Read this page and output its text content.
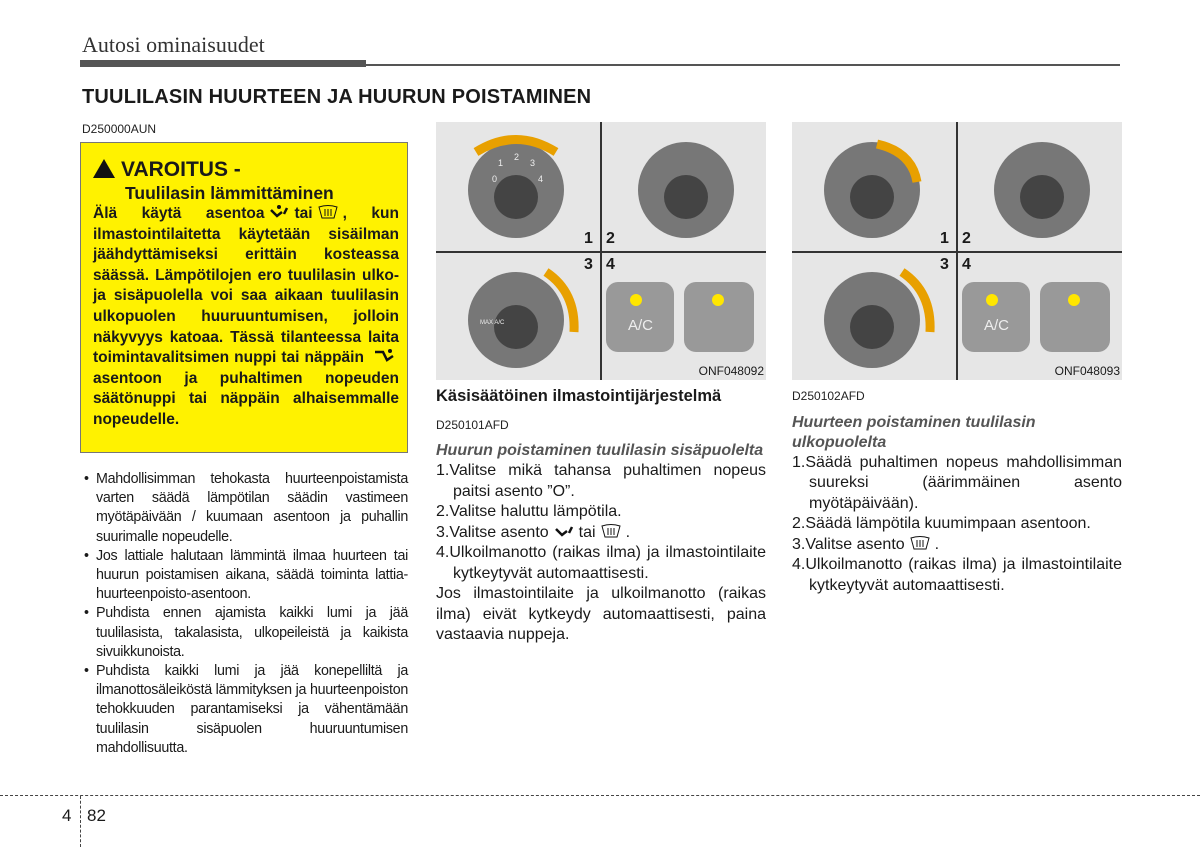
Autosi ominaisuudet
TUULILASIN HUURTEEN JA HUURUN POISTAMINEN
D250000AUN
VAROITUS -
Tuulilasin lämmittäminen
Älä käytä asentoa tai , kun ilmastointilaitetta käytetään sisäilman jäähdyttämiseksi erittäin kosteassa säässä. Lämpötilojen ero tuulilasin ulko- ja sisäpuolella voi saa aikaan tuulilasin ulkopuolen huuruuntumisen, jolloin näkyvyys katoaa. Tässä tilanteessa laita toimintavalitsimen nuppi tai näppäin asentoon ja puhaltimen nopeuden säätönuppi tai näppäin alhaisemmalle nopeudelle.
• Mahdollisimman tehokasta huurteenpoistamista varten säädä lämpötilan säädin vastimeen myötäpäivään / kuumaan asentoon ja puhallin suurimalle nopeudelle.
• Jos lattiale halutaan lämmintä ilmaa huurteen tai huurun poistamisen aikana, säädä toiminta lattia-huurteenpoisto-asentoon.
• Puhdista ennen ajamista kaikki lumi ja jää tuulilasista, takalasista, ulkopeileistä ja kaikista sivuikkunoista.
• Puhdista kaikki lumi ja jää konepelliltä ja ilmanottosäleiköstä lämmityksen ja huurteenpoiston tehokkuuden parantamiseksi ja vähentämään tuulilasin sisäpuolen huuruuntumisen mahdollisuutta.
1 2
3 4
A/C
MAX A/C
0
1
2
3
4
ONF048092
1 2
3 4
A/C
ONF048093
Käsisäätöinen ilmastointijärjestelmä
D250101AFD
Huurun poistaminen tuulilasin sisäpuolelta
1.Valitse mikä tahansa puhaltimen nopeus paitsi asento ”O”.
2.Valitse haluttu lämpötila.
3.Valitse asento tai .
4.Ulkoilmanotto (raikas ilma) ja ilmastointilaite kytkeytyvät automaattisesti.
Jos ilmastointilaite ja ulkoilmanotto (raikas ilma) eivät kytkeydy automaattisesti, paina vastaavia nuppeja.
D250102AFD
Huurteen poistaminen tuulilasin ulkopuolelta
1.Säädä puhaltimen nopeus mahdollisimman suureksi (äärimmäinen asento myötäpäivään).
2.Säädä lämpötila kuumimpaan asentoon.
3.Valitse asento .
4.Ulkoilmanotto (raikas ilma) ja ilmastointilaite kytkeytyvät automaattisesti.
4 82
